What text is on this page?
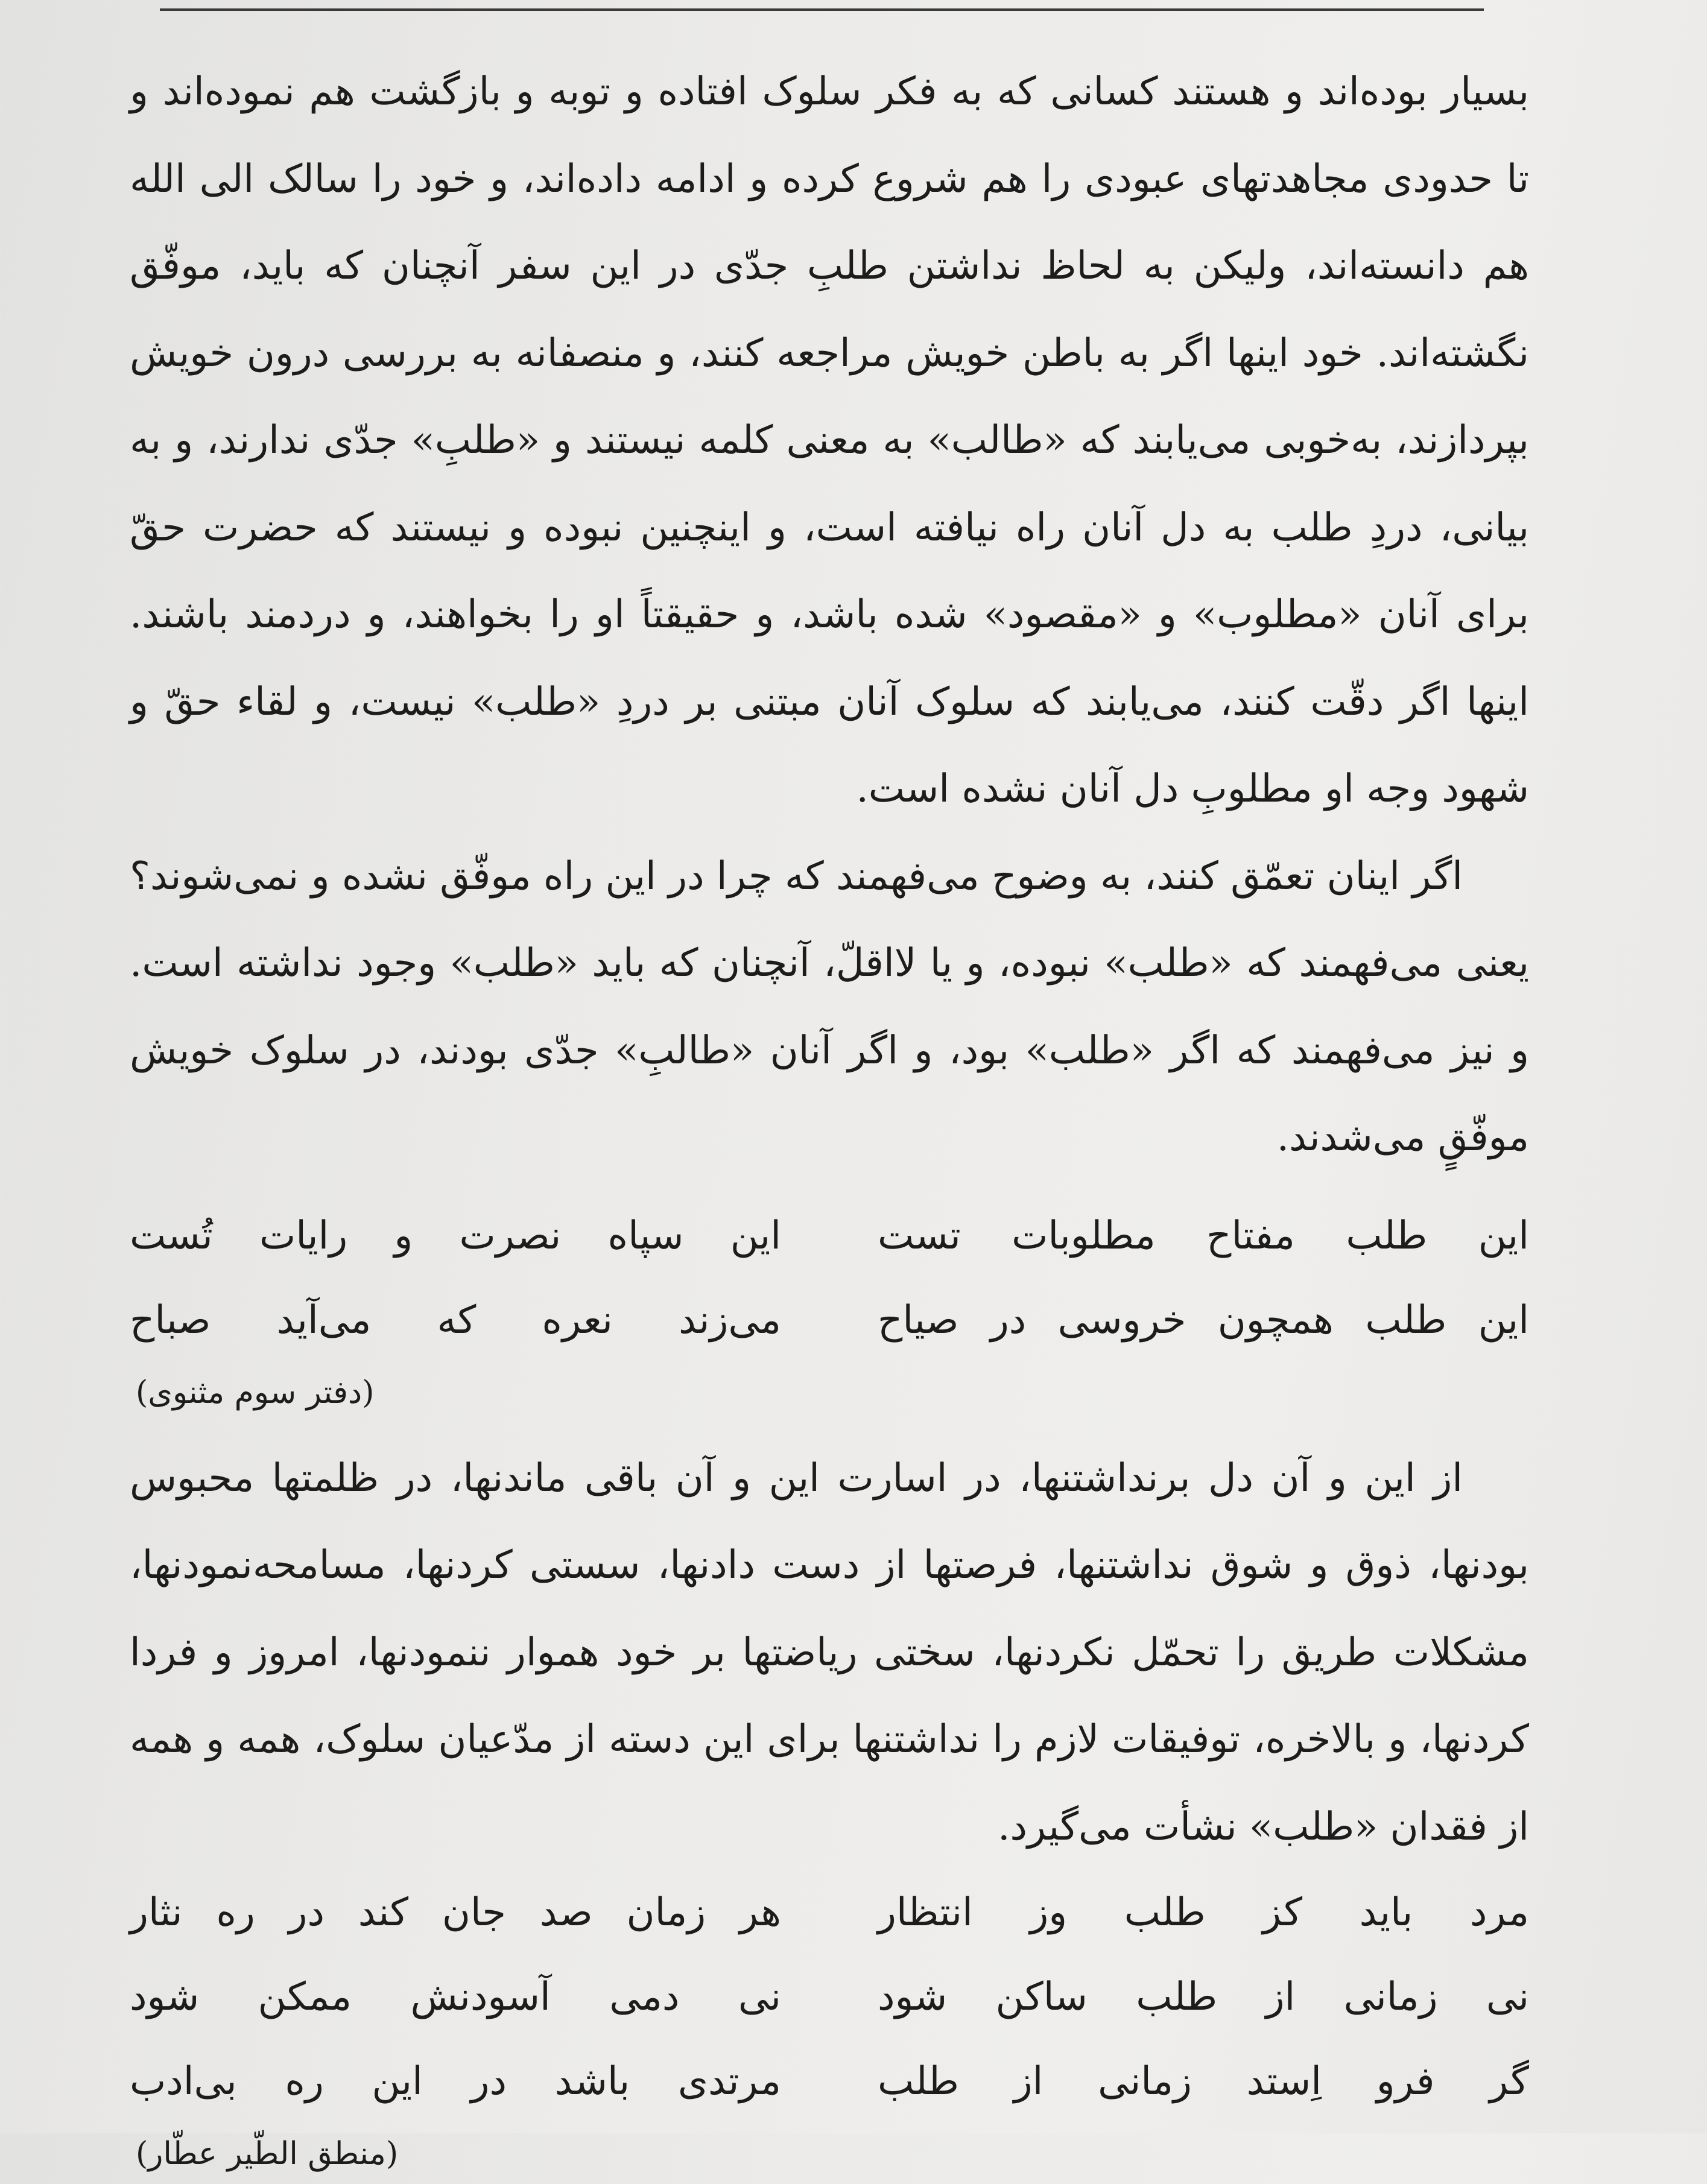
بسیار بوده‌اند و هستند کسانی که به فکر سلوک افتاده و توبه و بازگشت هم نموده‌اند و تا حدودی مجاهدتهای عبودی را هم شروع کرده و ادامه داده‌اند، و خود را سالک الی الله هم دانسته‌اند، ولیکن به لحاظ نداشتن طلبِ جدّی در این سفر آنچنان که باید، موفّق نگشته‌اند. خود اینها اگر به باطن خویش مراجعه کنند، و منصفانه به بررسی درون خویش بپردازند، به‌خوبی می‌یابند که «طالب» به معنی کلمه نیستند و «طلبِ» جدّی ندارند، و به بیانی، دردِ طلب به دل آنان راه نیافته است، و اینچنین نبوده و نیستند که حضرت حقّ برای آنان «مطلوب» و «مقصود» شده باشد، و حقیقتاً او را بخواهند، و دردمند باشند. اینها اگر دقّت کنند، می‌یابند که سلوک آنان مبتنی بر دردِ «طلب» نیست، و لقاء حقّ و شهود وجه او مطلوبِ دل آنان نشده است.

اگر اینان تعمّق کنند، به وضوح می‌فهمند که چرا در این راه موفّق نشده و نمی‌شوند؟ یعنی می‌فهمند که «طلب» نبوده، و یا لااقلّ، آنچنان که باید «طلب» وجود نداشته است. و نیز می‌فهمند که اگر «طلب» بود، و اگر آنان «طالبِ» جدّی بودند، در سلوک خویش موفّقٍ می‌شدند.

این طلب مفتاح مطلوبات تست
این سپاه نصرت و رایات تُست
این طلب همچون خروسی در صیاح
می‌زند نعره که می‌آید صباح
(دفتر سوم مثنوی)

از این و آن دل برنداشتنها، در اسارت این و آن باقی ماندنها، در ظلمتها محبوس بودنها، ذوق و شوق نداشتنها، فرصتها از دست دادنها، سستی کردنها، مسامحه‌نمودنها، مشکلات طریق را تحمّل نکردنها، سختی ریاضتها بر خود هموار ننمودنها، امروز و فردا کردنها، و بالاخره، توفیقات لازم را نداشتنها برای این دسته از مدّعیان سلوک، همه و همه از فقدان «طلب» نشأت می‌گیرد.

مرد باید کز طلب وز انتظار
هر زمان صد جان کند در ره نثار
نی زمانی از طلب ساکن شود
نی دمی آسودنش ممکن شود
گر فرو اِستد زمانی از طلب
مرتدی باشد در این ره بی‌ادب
(منطق الطّیر عطّار)
